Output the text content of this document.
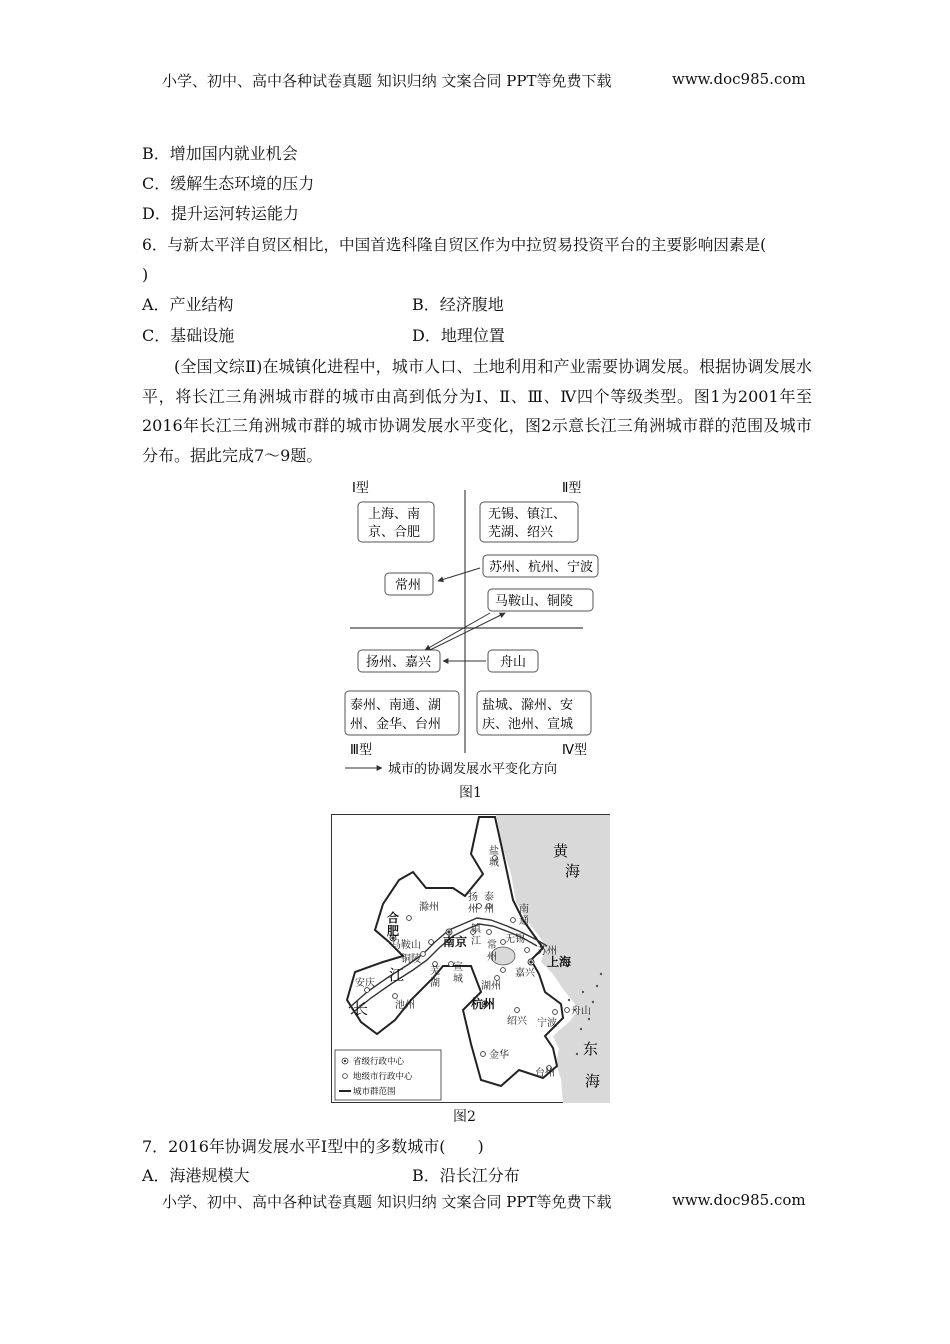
小学、初中、高中各种试卷真题 知识归纳 文案合同 PPT等免费下载	www.doc985.com
B．增加国内就业机会
C．缓解生态环境的压力
D．提升运河转运能力
6．与新太平洋自贸区相比，中国首选科隆自贸区作为中拉贸易投资平台的主要影响因素是(
)
A．产业结构	B．经济腹地
C．基础设施	D．地理位置
(全国文综Ⅱ)在城镇化进程中，城市人口、土地利用和产业需要协调发展。根据协调发展水平，将长江三角洲城市群的城市由高到低分为Ⅰ、Ⅱ、Ⅲ、Ⅳ四个等级类型。图1为2001年至2016年长江三角洲城市群的城市协调发展水平变化，图2示意长江三角洲城市群的范围及城市分布。据此完成7～9题。
Ⅰ型	Ⅱ型
Ⅲ型	Ⅳ型
上海、南
京、合肥
无锡、镇江、
芜湖、绍兴
苏州、杭州、宁波
常州
马鞍山、铜陵
扬州、嘉兴	舟山
泰州、南通、湖
州、金华、台州
盐城、滁州、安
庆、池州、宣城
城市的协调发展水平变化方向
图1
黄
海
东
海
长
江
盐
城
扬
州
泰
州	南
通
滁州
马鞍山
镇
江 常
州
无锡
苏州
铜陵
芜
湖
宣
城
嘉兴
湖州
安庆
池州
绍兴 宁波
舟山
金华
台州
合
肥
南京
上海
杭州
省级行政中心
地级市行政中心
城市群范围
图2
7．2016年协调发展水平Ⅰ型中的多数城市(　　)
A．海港规模大	B．沿长江分布
小学、初中、高中各种试卷真题 知识归纳 文案合同 PPT等免费下载	www.doc985.com
